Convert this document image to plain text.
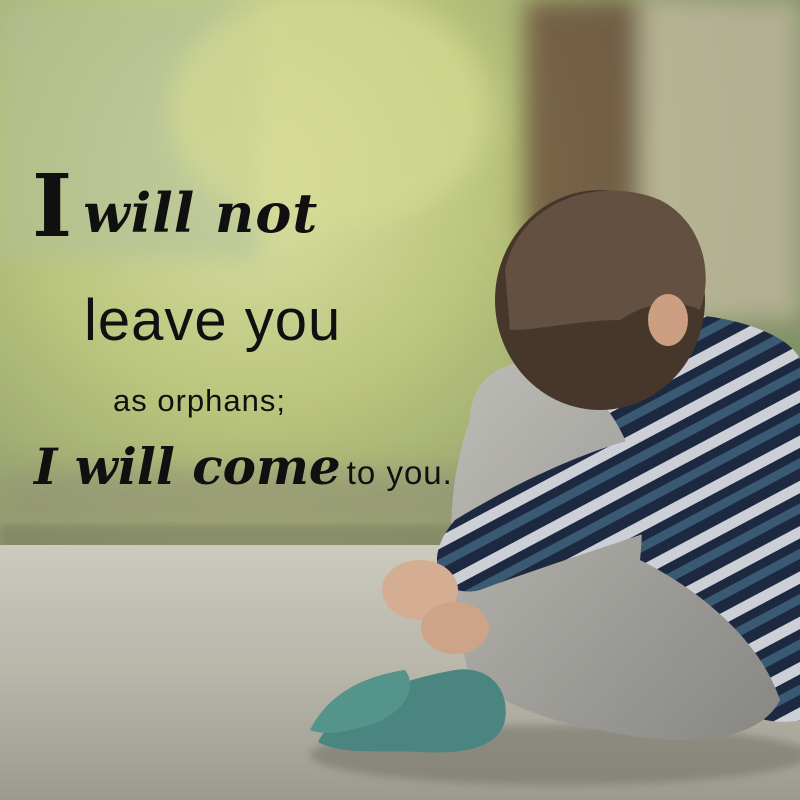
Iwill not

leave you

as orphans;

I will come to you.
